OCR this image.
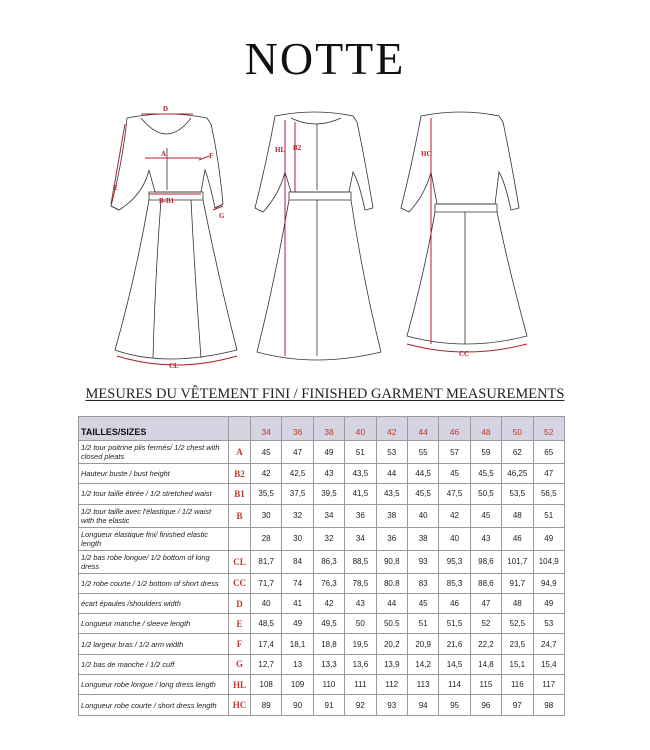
NOTTE
D
A	F
E
B-B1
G
CL
HL B2
HC
CC
MESURES DU VÊTEMENT FINI / FINISHED GARMENT MEASUREMENTS
TAILLES/SIZES		34	36	38	40	42	44	46	48	50	52
1/2 tour poitrine plis fermés/ 1/2 chest with closed pleats	A	45	47	49	51	53	55	57	59	62	65
Hauteur buste / bust height	B2	42	42,5	43	43,5	44	44,5	45	45,5	46,25	47
1/2 tour taille étirée / 1/2 stretched waist	B1	35,5	37,5	39,5	41,5	43,5	45,5	47,5	50,5	53,5	56,5
1/2 tour taille avec l'élastique / 1/2 waist with the elastic	B	30	32	34	36	38	40	42	45	48	51
Longueur élastique fini/ finished elastic length		28	30	32	34	36	38	40	43	46	49
1/2 bas robe longue/ 1/2 bottom of long dress	CL	81,7	84	86,3	88,5	90,8	93	95,3	98,6	101,7	104,9
1/2 robe courte / 1/2 bottom of short dress	CC	71,7	74	76,3	78,5	80.8	83	85,3	88,6	91,7	94,9
écart épaules /shoulders width	D	40	41	42	43	44	45	46	47	48	49
Longueur manche / sleeve length	E	48,5	49	49,5	50	50.5	51	51,5	52	52,5	53
1/2 largeur bras / 1/2 arm width	F	17,4	18,1	18,8	19,5	20,2	20,9	21,6	22,2	23,5	24,7
1/2 bas de manche / 1/2 cuff	G	12,7	13	13,3	13,6	13,9	14,2	14,5	14,8	15,1	15,4
Longueur robe longue / long dress length	HL	108	109	110	111	112	113	114	115	116	117
Longueur robe courte / short dress length	HC	89	90	91	92	93	94	95	96	97	98
